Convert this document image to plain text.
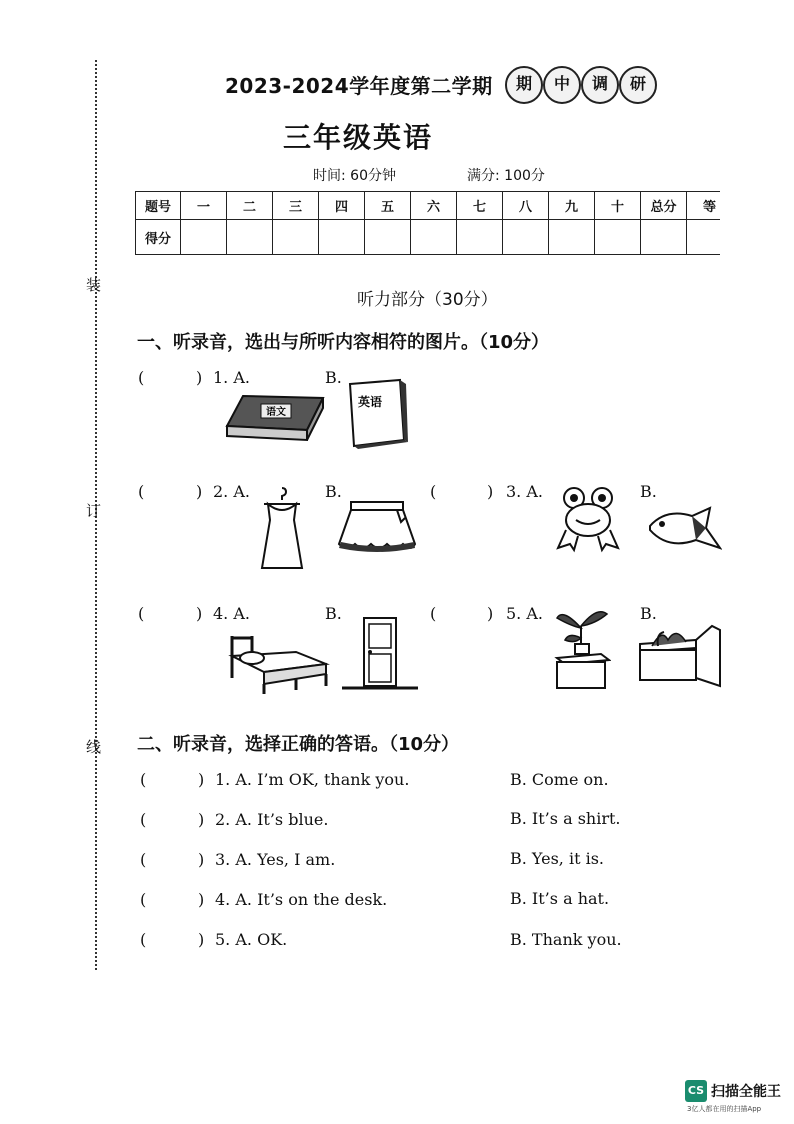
装
订
线
2023-2024学年度第二学期	期	中	调	研
三年级英语
时间: 60分钟	满分: 100分
题号	一	二	三	四	五	六	七	八	九	十	总分	等
得分												
听力部分（30分）
一、听录音，选出与所听内容相符的图片。（10分）
(	) 1. A.	B.
语文
英语
(	) 2. A.	B.	(	) 3. A.	B.
(	) 4. A.	B.	(	) 5. A.	B.
二、听录音，选择正确的答语。（10分）
(	) 1. A. I’m OK, thank you.	B. Come on.
(	) 2. A. It’s blue.	B. It’s a shirt.
(	) 3. A. Yes, I am.	B. Yes, it is.
(	) 4. A. It’s on the desk.	B. It’s a hat.
(	) 5. A. OK.	B. Thank you.
CS 扫描全能王
3亿人都在用的扫描App
